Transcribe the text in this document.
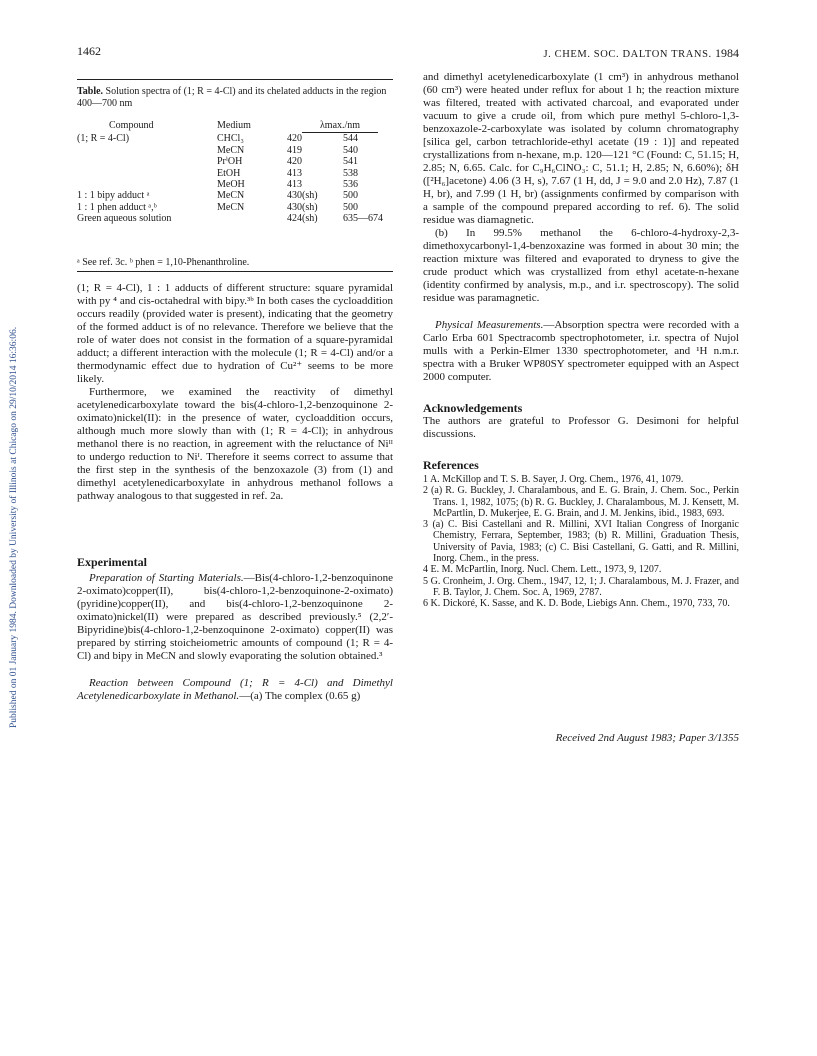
Published on 01 January 1984. Downloaded by University of Illinois at Chicago on 29/10/2014 16:36:06.
1462	J. CHEM. SOC. DALTON TRANS. 1984
Table. Solution spectra of (1; R = 4-Cl) and its chelated adducts in the region 400—700 nm
Compound	Medium	λmax./nm	
(1; R = 4-Cl)	CHCl₃	420	544
	MeCN	419	540
	PrⁱOH	420	541
	EtOH	413	538
	MeOH	413	536
1 : 1 bipy adduct ᵃ	MeCN	430(sh)	500
1 : 1 phen adduct ᵃ,ᵇ	MeCN	430(sh)	500
Green aqueous solution		424(sh)	635—674
ᵃ See ref. 3c. ᵇ phen = 1,10-Phenanthroline.

(1; R = 4-Cl), 1 : 1 adducts of different structure: square pyramidal with py ⁴ and cis-octahedral with bipy.³ᵇ In both cases the cycloaddition occurs readily (provided water is present), indicating that the geometry of the formed adduct is of no relevance. Therefore we believe that the role of water does not consist in the formation of a square-pyramidal adduct; a different interaction with the molecule (1; R = 4-Cl) and/or a thermodynamic effect due to hydration of Cu²⁺ seems to be more likely.

Furthermore, we examined the reactivity of dimethyl acetylenedicarboxylate toward the bis(4-chloro-1,2-benzoquinone 2-oximato)nickel(II): in the presence of water, cycloaddition occurs, although much more slowly than with (1; R = 4-Cl); in anhydrous methanol there is no reaction, in agreement with the reluctance of Niᴵᴵ to undergo reduction to Niᴵ. Therefore it seems correct to assume that the first step in the synthesis of the benzoxazole (3) from (1) and dimethyl acetylenedicarboxylate in anhydrous methanol follows a pathway analogous to that suggested in ref. 2a.

Experimental

Preparation of Starting Materials.—Bis(4-chloro-1,2-benzoquinone 2-oximato)copper(II), bis(4-chloro-1,2-benzoquinone-2-oximato)(pyridine)copper(II), and bis(4-chloro-1,2-benzoquinone 2-oximato)nickel(II) were prepared as described previously.⁵ (2,2′-Bipyridine)bis(4-chloro-1,2-benzoquinone 2-oximato) copper(II) was prepared by stirring stoicheiometric amounts of compound (1; R = 4-Cl) and bipy in MeCN and slowly evaporating the solution obtained.³

Reaction between Compound (1; R = 4-Cl) and Dimethyl Acetylenedicarboxylate in Methanol.—(a) The complex (0.65 g)

and dimethyl acetylenedicarboxylate (1 cm³) in anhydrous methanol (60 cm³) were heated under reflux for about 1 h; the reaction mixture was filtered, treated with activated charcoal, and evaporated under vacuum to give a crude oil, from which pure methyl 5-chloro-1,3-benzoxazole-2-carboxylate was isolated by column chromatography [silica gel, carbon tetrachloride-ethyl acetate (19 : 1)] and repeated crystallizations from n-hexane, m.p. 120—121 °C (Found: C, 51.15; H, 2.85; N, 6.65. Calc. for C₉H₆ClNO₃: C, 51.1; H, 2.85; N, 6.60%); δH ([²H₆]acetone) 4.06 (3 H, s), 7.67 (1 H, dd, J = 9.0 and 2.0 Hz), 7.87 (1 H, br), and 7.99 (1 H, br) (assignments confirmed by comparison with a sample of the compound prepared according to ref. 6). The solid residue was diamagnetic.

(b) In 99.5% methanol the 6-chloro-4-hydroxy-2,3-dimethoxycarbonyl-1,4-benzoxazine was formed in about 30 min; the reaction mixture was filtered and evaporated to dryness to give the crude product which was crystallized from ethyl acetate-n-hexane (identity confirmed by analysis, m.p., and i.r. spectroscopy). The solid residue was paramagnetic.

Physical Measurements.—Absorption spectra were recorded with a Carlo Erba 601 Spectracomb spectrophotometer, i.r. spectra of Nujol mulls with a Perkin-Elmer 1330 spectrophotometer, and ¹H n.m.r. spectra with a Bruker WP80SY spectrometer equipped with an Aspect 2000 computer.

Acknowledgements

The authors are grateful to Professor G. Desimoni for helpful discussions.

References

1 A. McKillop and T. S. B. Sayer, J. Org. Chem., 1976, 41, 1079.

2 (a) R. G. Buckley, J. Charalambous, and E. G. Brain, J. Chem. Soc., Perkin Trans. 1, 1982, 1075; (b) R. G. Buckley, J. Charalambous, M. J. Kensett, M. McPartlin, D. Mukerjee, E. G. Brain, and J. M. Jenkins, ibid., 1983, 693.

3 (a) C. Bisi Castellani and R. Millini, XVI Italian Congress of Inorganic Chemistry, Ferrara, September, 1983; (b) R. Millini, Graduation Thesis, University of Pavia, 1983; (c) C. Bisi Castellani, G. Gatti, and R. Millini, Inorg. Chem., in the press.

4 E. M. McPartlin, Inorg. Nucl. Chem. Lett., 1973, 9, 1207.

5 G. Cronheim, J. Org. Chem., 1947, 12, 1; J. Charalambous, M. J. Frazer, and F. B. Taylor, J. Chem. Soc. A, 1969, 2787.

6 K. Dickoré, K. Sasse, and K. D. Bode, Liebigs Ann. Chem., 1970, 733, 70.

Received 2nd August 1983; Paper 3/1355
